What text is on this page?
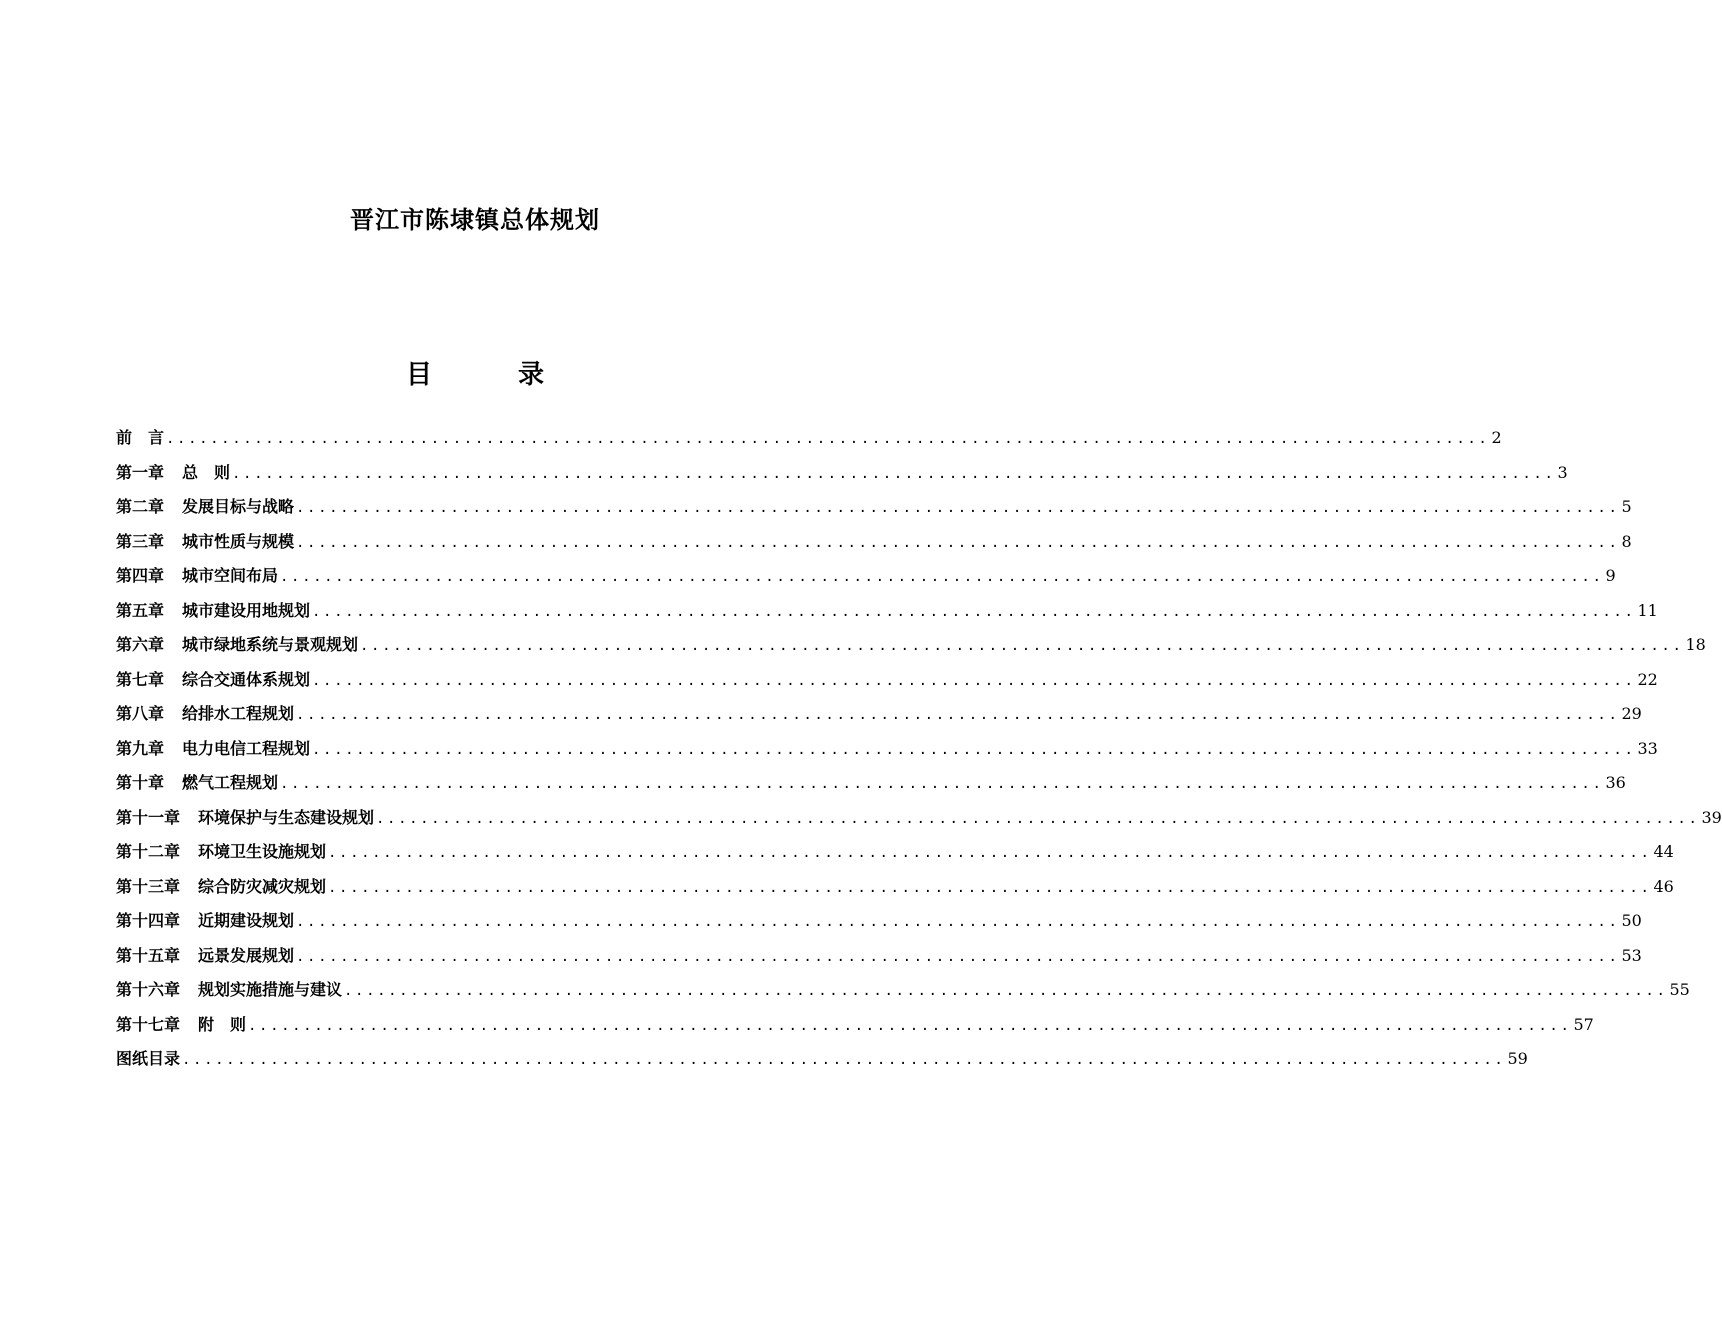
晋江市陈埭镇总体规划
目　录
前　言 ........................................................................................................................ 2
第一章 总　则 ........................................................................................................................ 3
第二章 发展目标与战略 ........................................................................................................................ 5
第三章 城市性质与规模 ........................................................................................................................ 8
第四章 城市空间布局 ........................................................................................................................ 9
第五章 城市建设用地规划 ........................................................................................................................ 11
第六章 城市绿地系统与景观规划 ........................................................................................................................ 18
第七章 综合交通体系规划 ........................................................................................................................ 22
第八章 给排水工程规划 ........................................................................................................................ 29
第九章 电力电信工程规划 ........................................................................................................................ 33
第十章 燃气工程规划 ........................................................................................................................ 36
第十一章 环境保护与生态建设规划 ........................................................................................................................ 39
第十二章 环境卫生设施规划 ........................................................................................................................ 44
第十三章 综合防灾减灾规划 ........................................................................................................................ 46
第十四章 近期建设规划 ........................................................................................................................ 50
第十五章 远景发展规划 ........................................................................................................................ 53
第十六章 规划实施措施与建议 ........................................................................................................................ 55
第十七章 附　则 ........................................................................................................................ 57
图纸目录 ........................................................................................................................ 59
